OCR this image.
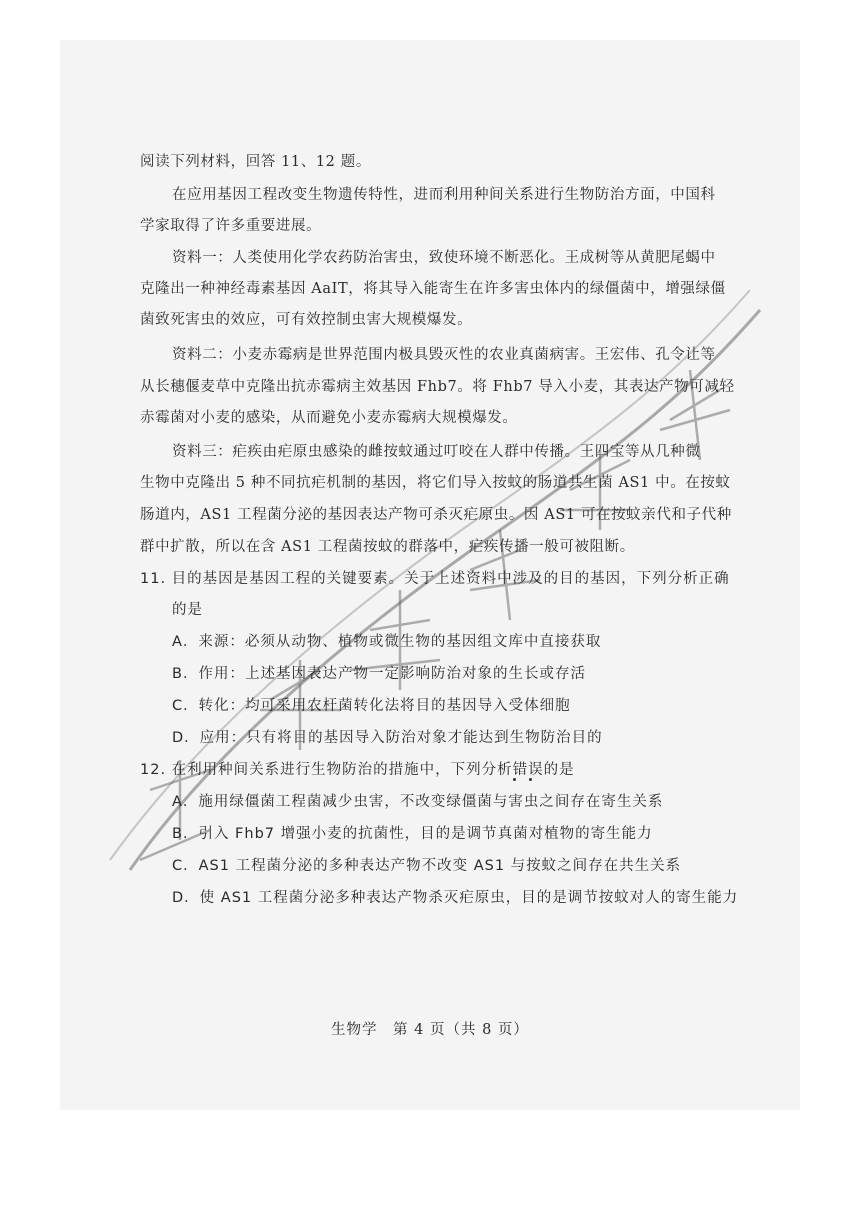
阅读下列材料，回答 11、12 题。
在应用基因工程改变生物遗传特性，进而利用种间关系进行生物防治方面，中国科
学家取得了许多重要进展。
资料一：人类使用化学农药防治害虫，致使环境不断恶化。王成树等从黄肥尾蝎中
克隆出一种神经毒素基因 AaIT，将其导入能寄生在许多害虫体内的绿僵菌中，增强绿僵
菌致死害虫的效应，可有效控制虫害大规模爆发。
资料二：小麦赤霉病是世界范围内极具毁灭性的农业真菌病害。王宏伟、孔令让等
从长穗偃麦草中克隆出抗赤霉病主效基因 Fhb7。将 Fhb7 导入小麦，其表达产物可减轻
赤霉菌对小麦的感染，从而避免小麦赤霉病大规模爆发。
资料三：疟疾由疟原虫感染的雌按蚊通过叮咬在人群中传播。王四宝等从几种微
生物中克隆出 5 种不同抗疟机制的基因，将它们导入按蚊的肠道共生菌 AS1 中。在按蚊
肠道内，AS1 工程菌分泌的基因表达产物可杀灭疟原虫。因 AS1 可在按蚊亲代和子代种
群中扩散，所以在含 AS1 工程菌按蚊的群落中，疟疾传播一般可被阻断。
11. 目的基因是基因工程的关键要素。关于上述资料中涉及的目的基因，下列分析正确
的是
A．来源：必须从动物、植物或微生物的基因组文库中直接获取
B．作用：上述基因表达产物一定影响防治对象的生长或存活
C．转化：均可采用农杆菌转化法将目的基因导入受体细胞
D．应用：只有将目的基因导入防治对象才能达到生物防治目的
12. 在利用种间关系进行生物防治的措施中，下列分析错误的是
A．施用绿僵菌工程菌减少虫害，不改变绿僵菌与害虫之间存在寄生关系
B．引入 Fhb7 增强小麦的抗菌性，目的是调节真菌对植物的寄生能力
C．AS1 工程菌分泌的多种表达产物不改变 AS1 与按蚊之间存在共生关系
D．使 AS1 工程菌分泌多种表达产物杀灭疟原虫，目的是调节按蚊对人的寄生能力
生物学　第 4 页（共 8 页）
